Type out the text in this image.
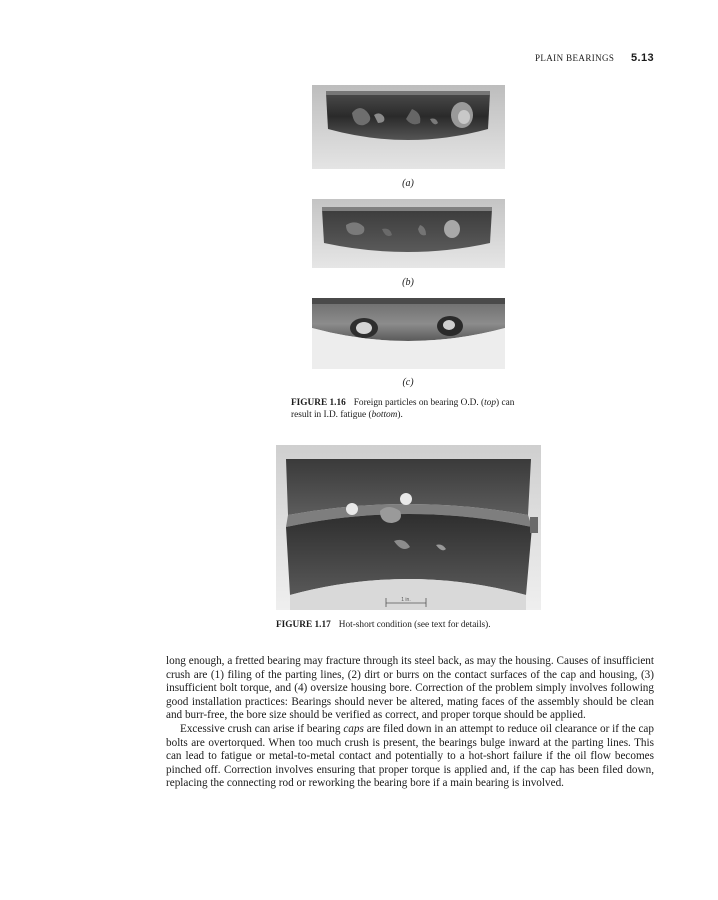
PLAIN BEARINGS 5.13
(a)
(b)
(c)
FIGURE 1.16 Foreign particles on bearing O.D. (top) can result in I.D. fatigue (bottom).
1 in.
FIGURE 1.17 Hot-short condition (see text for details).

long enough, a fretted bearing may fracture through its steel back, as may the housing. Causes of insufficient crush are (1) filing of the parting lines, (2) dirt or burrs on the contact surfaces of the cap and housing, (3) insufficient bolt torque, and (4) oversize housing bore. Correction of the problem simply involves following good installation practices: Bearings should never be altered, mating faces of the assembly should be clean and burr-free, the bore size should be verified as correct, and proper torque should be applied.

Excessive crush can arise if bearing caps are filed down in an attempt to reduce oil clearance or if the cap bolts are overtorqued. When too much crush is present, the bearings bulge inward at the parting lines. This can lead to fatigue or metal-to-metal contact and potentially to a hot-short failure if the oil flow becomes pinched off. Correction involves ensuring that proper torque is applied and, if the cap has been filed down, replacing the connecting rod or reworking the bearing bore if a main bearing is involved.
